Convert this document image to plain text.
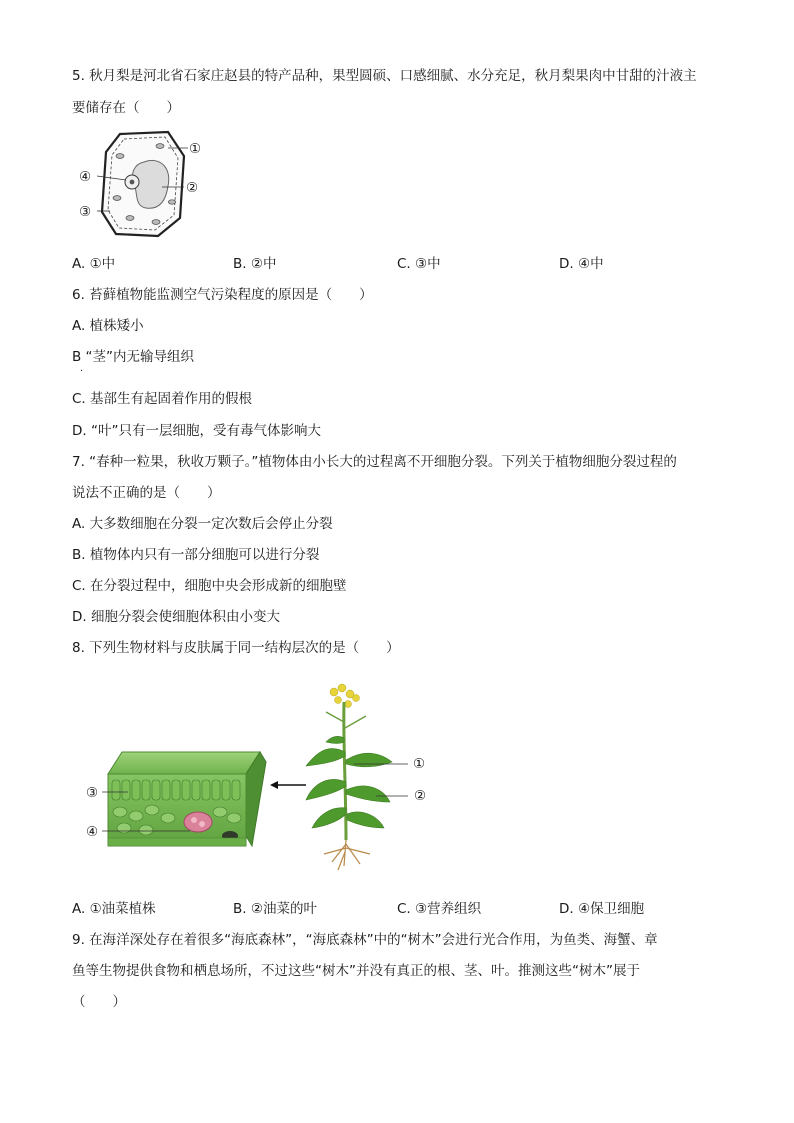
5. 秋月梨是河北省石家庄赵县的特产品种，果型圆硕、口感细腻、水分充足，秋月梨果肉中甘甜的汁液主
要储存在（　　）
①
②
③
④
A. ①中	B. ②中	C. ③中	D. ④中
6. 苔藓植物能监测空气污染程度的原因是（　　）
A. 植株矮小
B “茎”内无输导组织
.
C. 基部生有起固着作用的假根
D. “叶”只有一层细胞，受有毒气体影响大
7. “春种一粒果，秋收万颗子。”植物体由小长大的过程离不开细胞分裂。下列关于植物细胞分裂过程的
说法不正确的是（　　）
A. 大多数细胞在分裂一定次数后会停止分裂
B. 植物体内只有一部分细胞可以进行分裂
C. 在分裂过程中，细胞中央会形成新的细胞壁
D. 细胞分裂会使细胞体积由小变大
8. 下列生物材料与皮肤属于同一结构层次的是（　　）
③
④
①
②
A. ①油菜植株	B. ②油菜的叶	C. ③营养组织	D. ④保卫细胞
9. 在海洋深处存在着很多“海底森林”，“海底森林”中的“树木”会进行光合作用，为鱼类、海蟹、章
鱼等生物提供食物和栖息场所，不过这些“树木”并没有真正的根、茎、叶。推测这些“树木”展于
（　　）
